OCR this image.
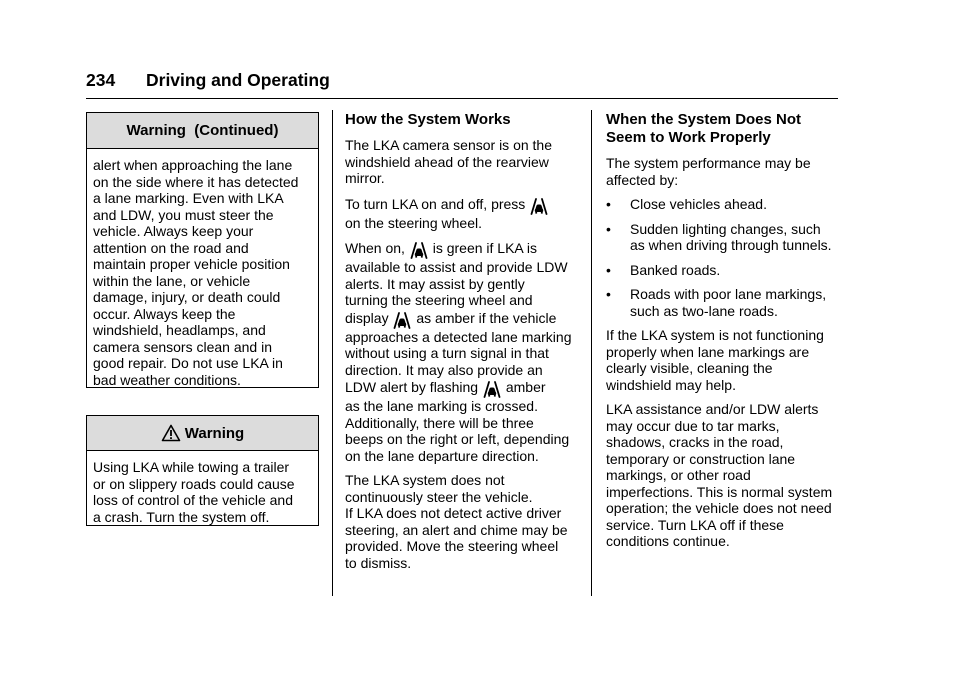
234 Driving and Operating
Warning  (Continued)
alert when approaching the lane
on the side where it has detected
a lane marking. Even with LKA
and LDW, you must steer the
vehicle. Always keep your
attention on the road and
maintain proper vehicle position
within the lane, or vehicle
damage, injury, or death could
occur. Always keep the
windshield, headlamps, and
camera sensors clean and in
good repair. Do not use LKA in
bad weather conditions.
Warning
Using LKA while towing a trailer
or on slippery roads could cause
loss of control of the vehicle and
a crash. Turn the system off.
How the System Works

The LKA camera sensor is on the
windshield ahead of the rearview
mirror.

To turn LKA on and off, press
on the steering wheel.

When on, is green if LKA is
available to assist and provide LDW
alerts. It may assist by gently
turning the steering wheel and
display as amber if the vehicle
approaches a detected lane marking
without using a turn signal in that
direction. It may also provide an
LDW alert by flashing amber
as the lane marking is crossed.
Additionally, there will be three
beeps on the right or left, depending
on the lane departure direction.

The LKA system does not
continuously steer the vehicle.
If LKA does not detect active driver
steering, an alert and chime may be
provided. Move the steering wheel
to dismiss.

When the System Does Not
Seem to Work Properly

The system performance may be
affected by:

• Close vehicles ahead.
• Sudden lighting changes, such
as when driving through tunnels.
• Banked roads.
• Roads with poor lane markings,
such as two-lane roads.

If the LKA system is not functioning
properly when lane markings are
clearly visible, cleaning the
windshield may help.

LKA assistance and/or LDW alerts
may occur due to tar marks,
shadows, cracks in the road,
temporary or construction lane
markings, or other road
imperfections. This is normal system
operation; the vehicle does not need
service. Turn LKA off if these
conditions continue.
